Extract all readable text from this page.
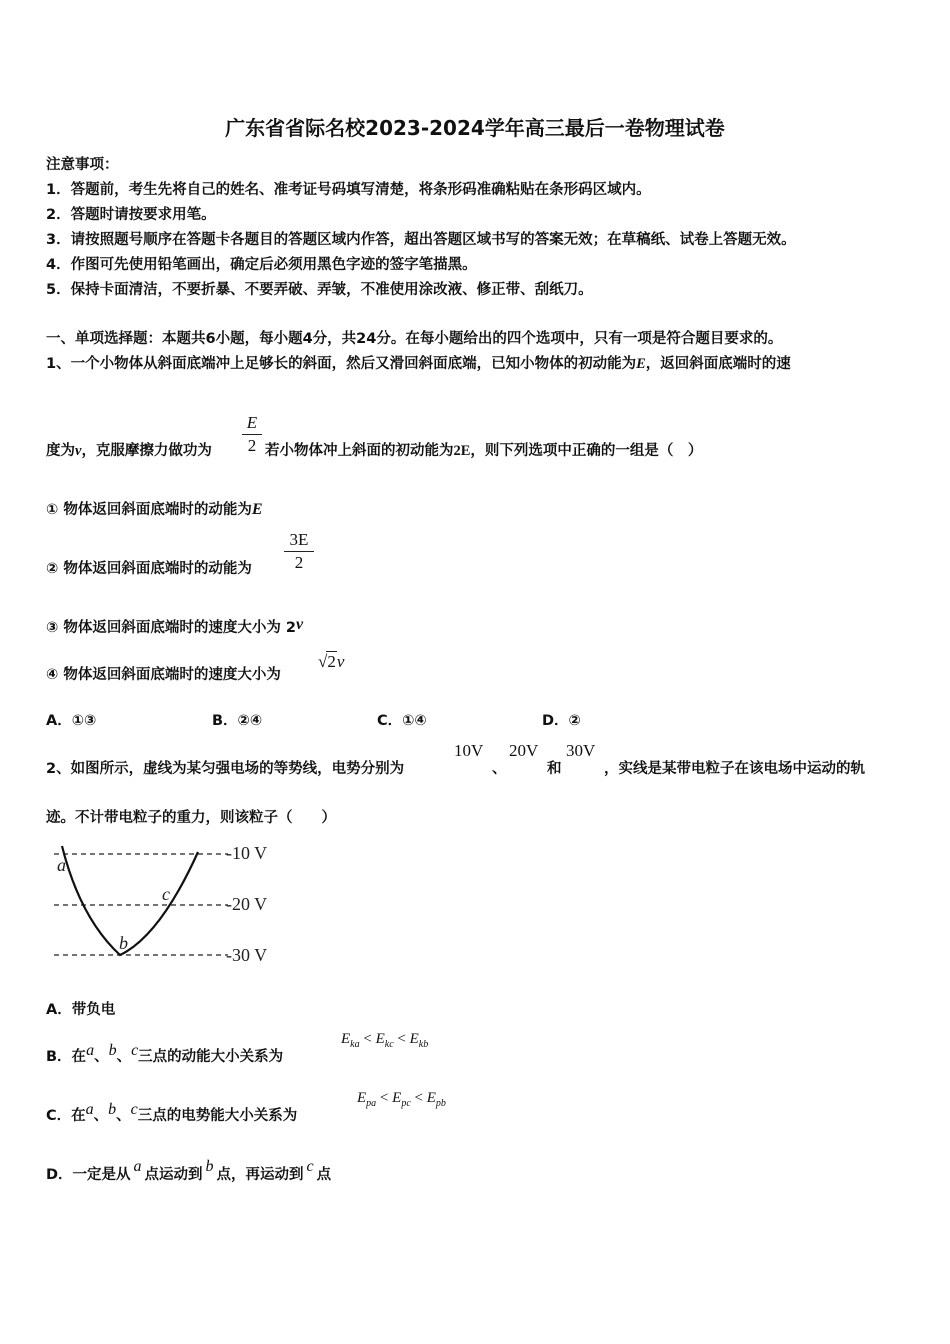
广东省省际名校2023-2024学年高三最后一卷物理试卷
注意事项：
1．答题前，考生先将自己的姓名、准考证号码填写清楚，将条形码准确粘贴在条形码区域内。
2．答题时请按要求用笔。
3．请按照题号顺序在答题卡各题目的答题区域内作答，超出答题区域书写的答案无效；在草稿纸、试卷上答题无效。
4．作图可先使用铅笔画出，确定后必须用黑色字迹的签字笔描黑。
5．保持卡面清洁，不要折暴、不要弄破、弄皱，不准使用涂改液、修正带、刮纸刀。
一、单项选择题：本题共6小题，每小题4分，共24分。在每小题给出的四个选项中，只有一项是符合题目要求的。
1、一个小物体从斜面底端冲上足够长的斜面，然后又滑回斜面底端，已知小物体的初动能为E，返回斜面底端时的速
度为v，克服摩擦力做功为
E
2 若小物体冲上斜面的初动能为2E，则下列选项中正确的一组是（　）
① 物体返回斜面底端时的动能为E
② 物体返回斜面底端时的动能为
3E
2
③ 物体返回斜面底端时的速度大小为 2v
④ 物体返回斜面底端时的速度大小为
√2v
A．①③	B．②④	C．①④	D．②
2、如图所示，虚线为某匀强电场的等势线，电势分别为
10V
、
20V
和
30V
，实线是某带电粒子在该电场中运动的轨
迹。不计带电粒子的重力，则该粒子（　　）
-10 V
-20 V
-30 V
a
b
c
A．带负电
B．在a、b、c三点的动能大小关系为
$E_{ka} < E_{kc} < E_{kb}$
C．在a、b、c三点的电势能大小关系为
$E_{pa} < E_{pc} < E_{pb}$
D．一定是从 a 点运动到 b 点，再运动到 c 点
